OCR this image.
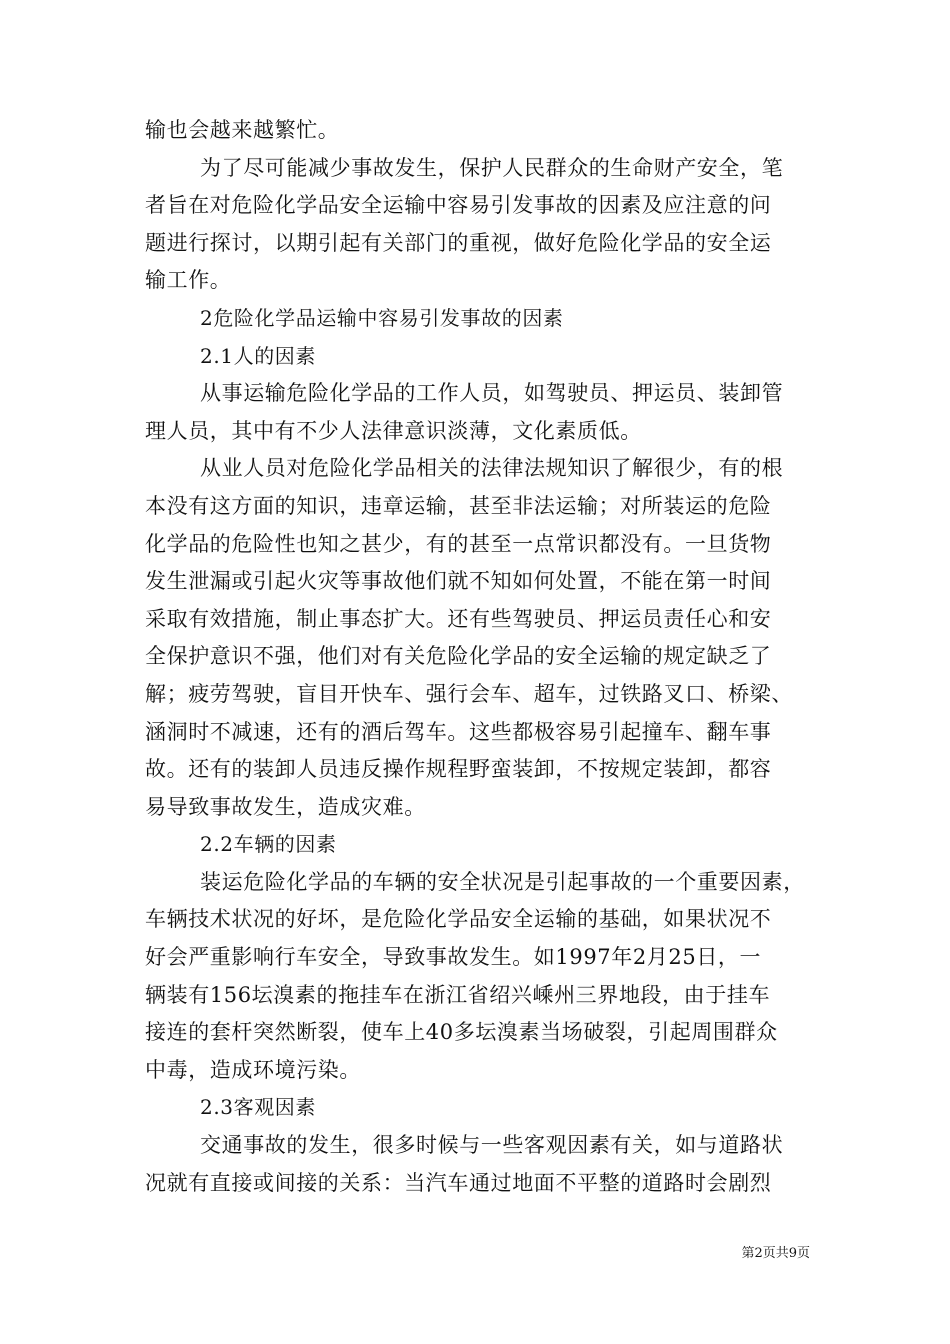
输也会越来越繁忙。
为了尽可能减少事故发生，保护人民群众的生命财产安全，笔
者旨在对危险化学品安全运输中容易引发事故的因素及应注意的问
题进行探讨，以期引起有关部门的重视，做好危险化学品的安全运
输工作。
2危险化学品运输中容易引发事故的因素
2.1人的因素
从事运输危险化学品的工作人员，如驾驶员、押运员、装卸管
理人员，其中有不少人法律意识淡薄，文化素质低。
从业人员对危险化学品相关的法律法规知识了解很少，有的根
本没有这方面的知识，违章运输，甚至非法运输；对所装运的危险
化学品的危险性也知之甚少，有的甚至一点常识都没有。一旦货物
发生泄漏或引起火灾等事故他们就不知如何处置，不能在第一时间
采取有效措施，制止事态扩大。还有些驾驶员、押运员责任心和安
全保护意识不强，他们对有关危险化学品的安全运输的规定缺乏了
解；疲劳驾驶，盲目开快车、强行会车、超车，过铁路叉口、桥梁、
涵洞时不减速，还有的酒后驾车。这些都极容易引起撞车、翻车事
故。还有的装卸人员违反操作规程野蛮装卸，不按规定装卸，都容
易导致事故发生，造成灾难。
2.2车辆的因素
装运危险化学品的车辆的安全状况是引起事故的一个重要因素，
车辆技术状况的好坏，是危险化学品安全运输的基础，如果状况不
好会严重影响行车安全，导致事故发生。如1997年2月25日，一
辆装有156坛溴素的拖挂车在浙江省绍兴嵊州三界地段，由于挂车
接连的套杆突然断裂，使车上40多坛溴素当场破裂，引起周围群众
中毒，造成环境污染。
2.3客观因素
交通事故的发生，很多时候与一些客观因素有关，如与道路状
况就有直接或间接的关系：当汽车通过地面不平整的道路时会剧烈
第2页共9页
